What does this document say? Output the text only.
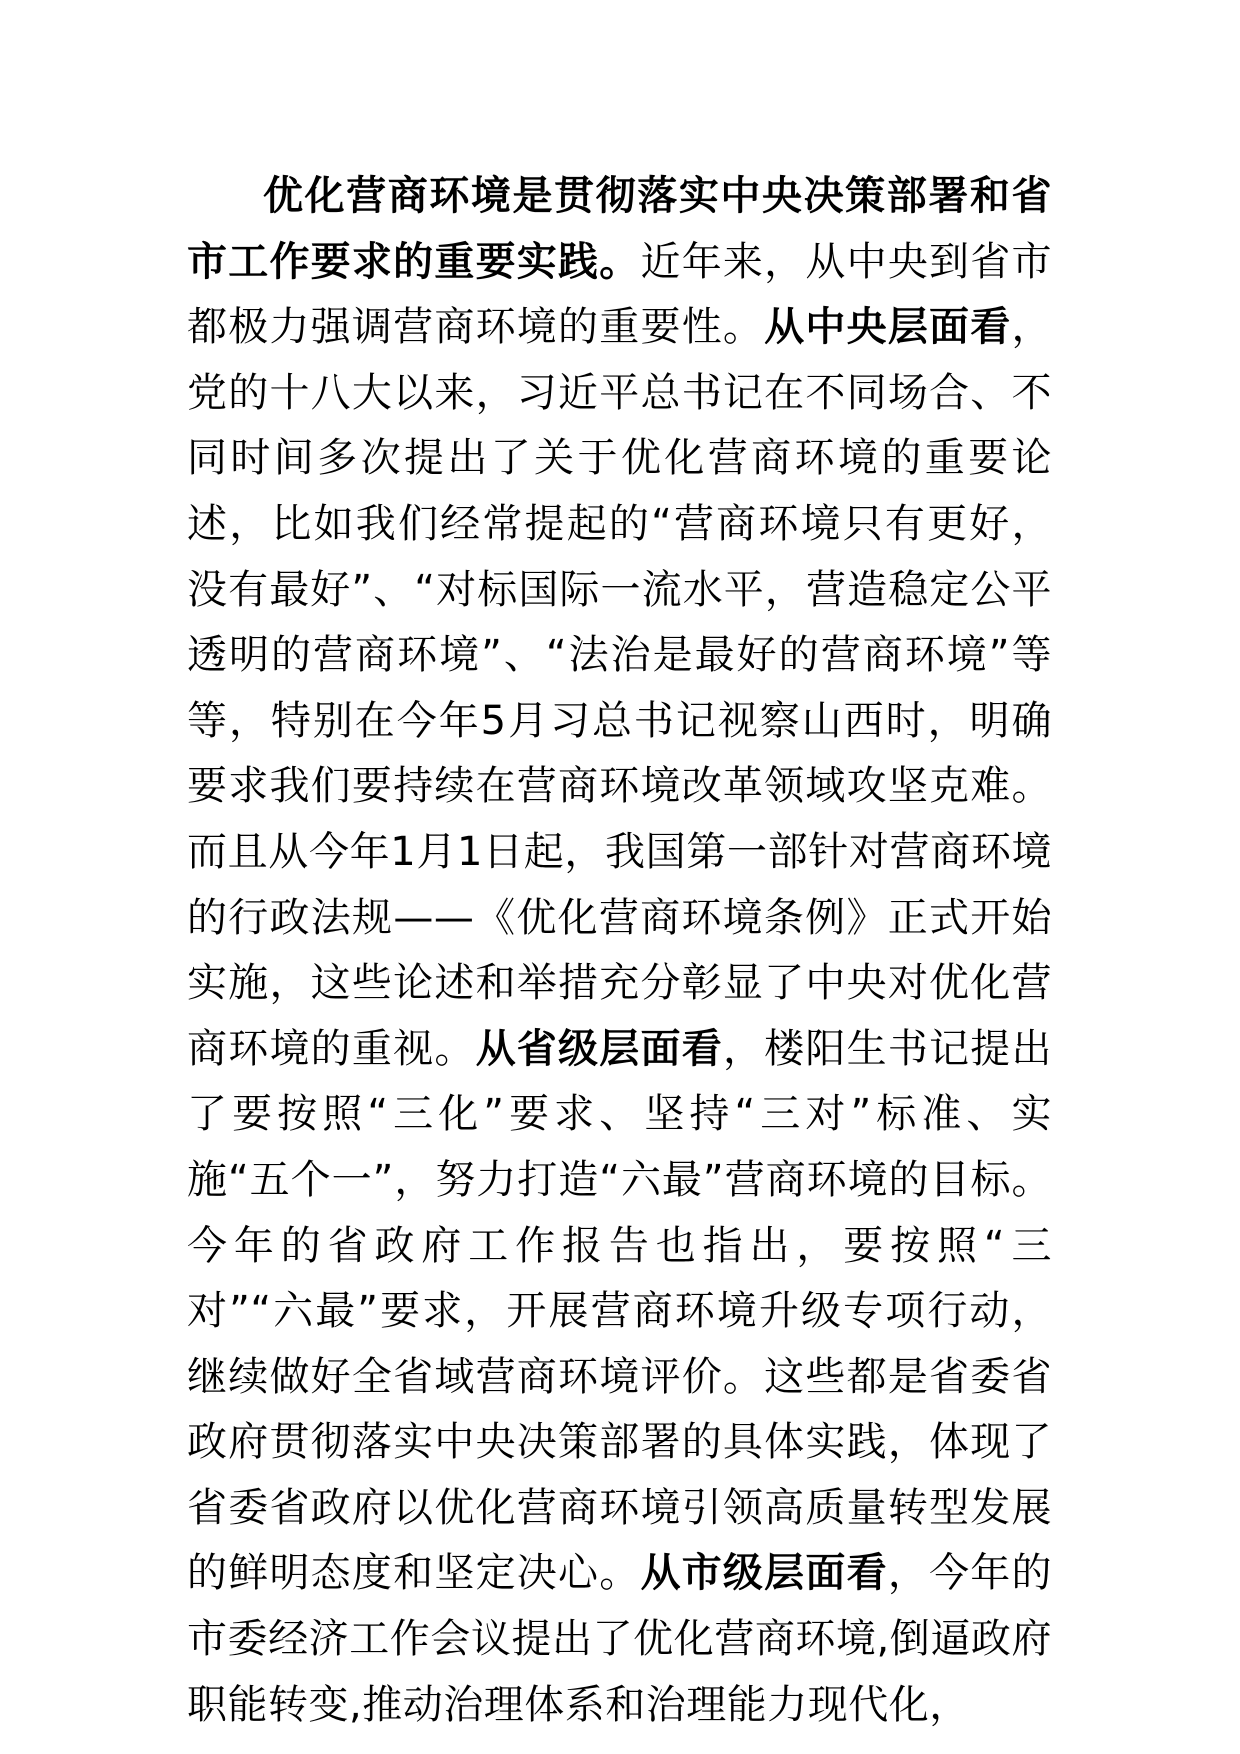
优化营商环境是贯彻落实中央决策部署和省市工作要求的重要实践。近年来，从中央到省市都极力强调营商环境的重要性。从中央层面看，党的十八大以来，习近平总书记在不同场合、不同时间多次提出了关于优化营商环境的重要论述，比如我们经常提起的“营商环境只有更好，没有最好”、“对标国际一流水平，营造稳定公平透明的营商环境”、“法治是最好的营商环境”等等，特别在今年5月习总书记视察山西时，明确要求我们要持续在营商环境改革领域攻坚克难。而且从今年1月1日起，我国第一部针对营商环境的行政法规——《优化营商环境条例》正式开始实施，这些论述和举措充分彰显了中央对优化营商环境的重视。从省级层面看，楼阳生书记提出了要按照“三化”要求、坚持“三对”标准、实施“五个一”，努力打造“六最”营商环境的目标。今年的省政府工作报告也指出，要按照“三对”“六最”要求，开展营商环境升级专项行动，继续做好全省域营商环境评价。这些都是省委省政府贯彻落实中央决策部署的具体实践，体现了省委省政府以优化营商环境引领高质量转型发展的鲜明态度和坚定决心。从市级层面看，今年的市委经济工作会议提出了优化营商环境,倒逼政府职能转变,推动治理体系和治理能力现代化，
